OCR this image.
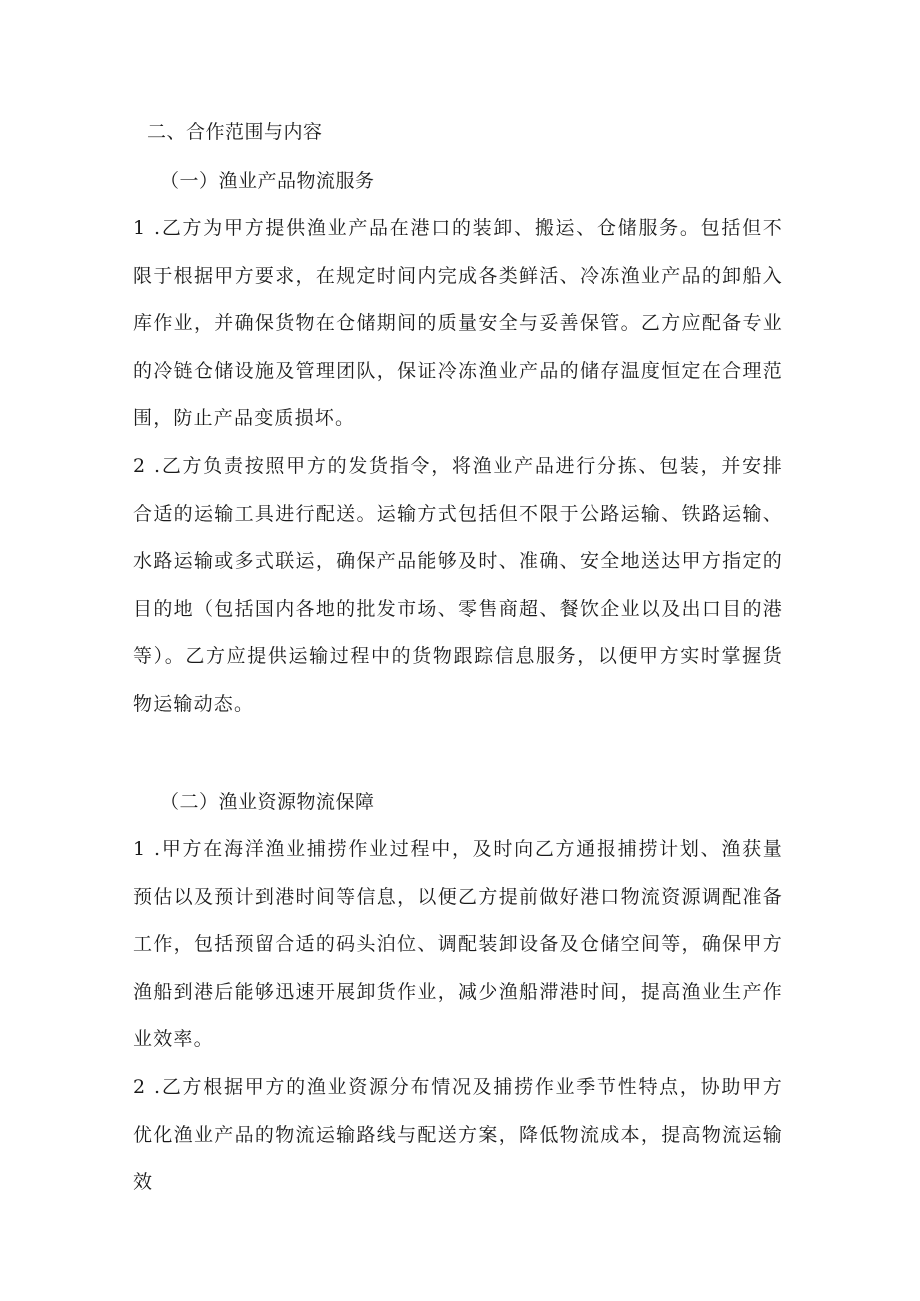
二、合作范围与内容
（一）渔业产品物流服务

1 .乙方为甲方提供渔业产品在港口的装卸、搬运、仓储服务。包括但不限于根据甲方要求，在规定时间内完成各类鲜活、冷冻渔业产品的卸船入库作业，并确保货物在仓储期间的质量安全与妥善保管。乙方应配备专业的冷链仓储设施及管理团队，保证冷冻渔业产品的储存温度恒定在合理范围，防止产品变质损坏。

2 .乙方负责按照甲方的发货指令，将渔业产品进行分拣、包装，并安排合适的运输工具进行配送。运输方式包括但不限于公路运输、铁路运输、水路运输或多式联运，确保产品能够及时、准确、安全地送达甲方指定的目的地（包括国内各地的批发市场、零售商超、餐饮企业以及出口目的港等）。乙方应提供运输过程中的货物跟踪信息服务，以便甲方实时掌握货物运输动态。

（二）渔业资源物流保障

1 .甲方在海洋渔业捕捞作业过程中，及时向乙方通报捕捞计划、渔获量预估以及预计到港时间等信息，以便乙方提前做好港口物流资源调配准备工作，包括预留合适的码头泊位、调配装卸设备及仓储空间等，确保甲方渔船到港后能够迅速开展卸货作业，减少渔船滞港时间，提高渔业生产作业效率。

2 .乙方根据甲方的渔业资源分布情况及捕捞作业季节性特点，协助甲方优化渔业产品的物流运输路线与配送方案，降低物流成本，提高物流运输效
